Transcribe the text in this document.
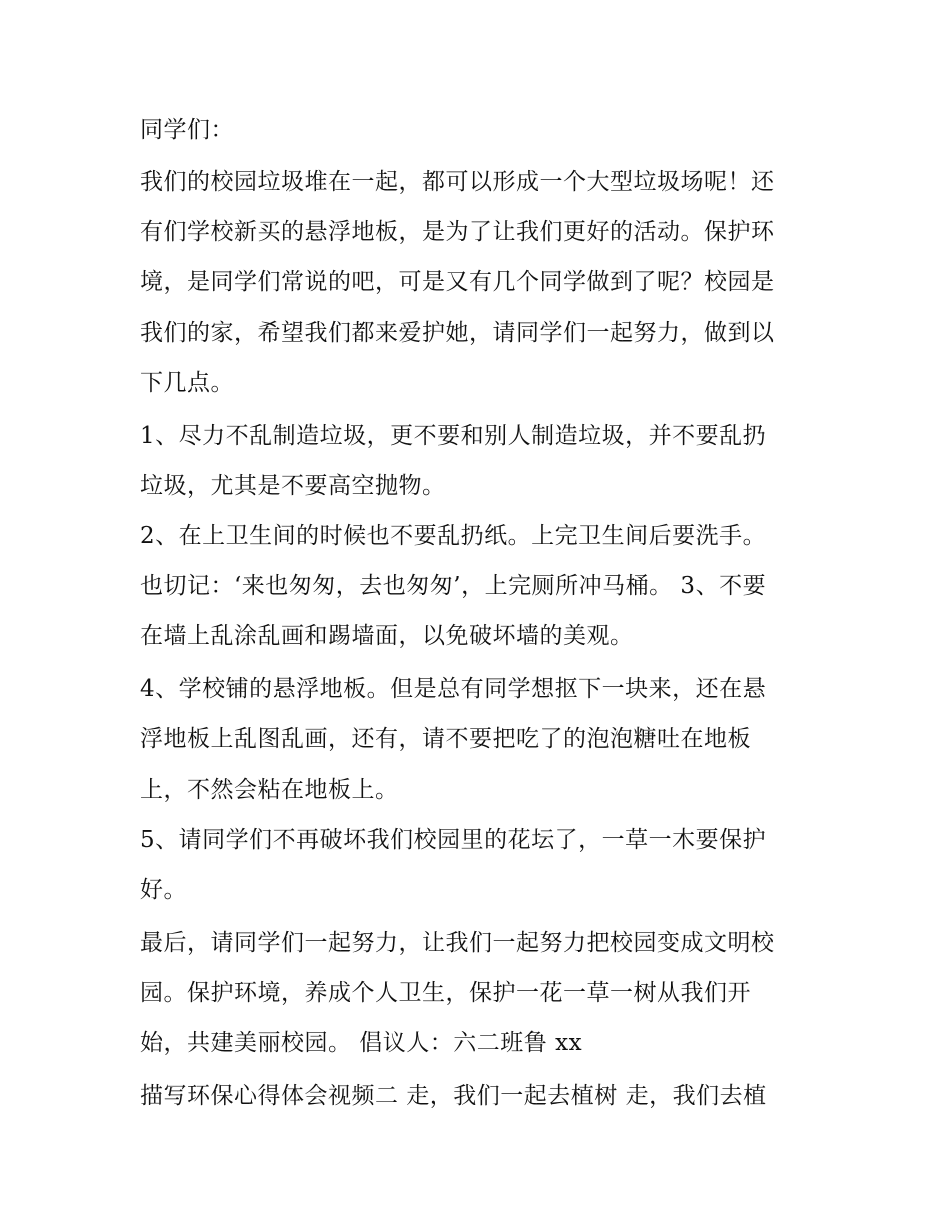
同学们：
我们的校园垃圾堆在一起，都可以形成一个大型垃圾场呢！还
有们学校新买的悬浮地板，是为了让我们更好的活动。保护环
境，是同学们常说的吧，可是又有几个同学做到了呢？校园是
我们的家，希望我们都来爱护她，请同学们一起努力，做到以
下几点。
1、尽力不乱制造垃圾，更不要和别人制造垃圾，并不要乱扔
垃圾，尤其是不要高空抛物。
2、在上卫生间的时候也不要乱扔纸。上完卫生间后要洗手。
也切记：‘来也匆匆，去也匆匆’，上完厕所冲马桶。 3、不要
在墙上乱涂乱画和踢墙面，以免破坏墙的美观。
4、学校铺的悬浮地板。但是总有同学想抠下一块来，还在悬
浮地板上乱图乱画，还有，请不要把吃了的泡泡糖吐在地板
上，不然会粘在地板上。
5、请同学们不再破坏我们校园里的花坛了，一草一木要保护
好。
最后，请同学们一起努力，让我们一起努力把校园变成文明校
园。保护环境，养成个人卫生，保护一花一草一树从我们开
始，共建美丽校园。 倡议人：六二班鲁 xx
描写环保心得体会视频二 走，我们一起去植树 走，我们去植
